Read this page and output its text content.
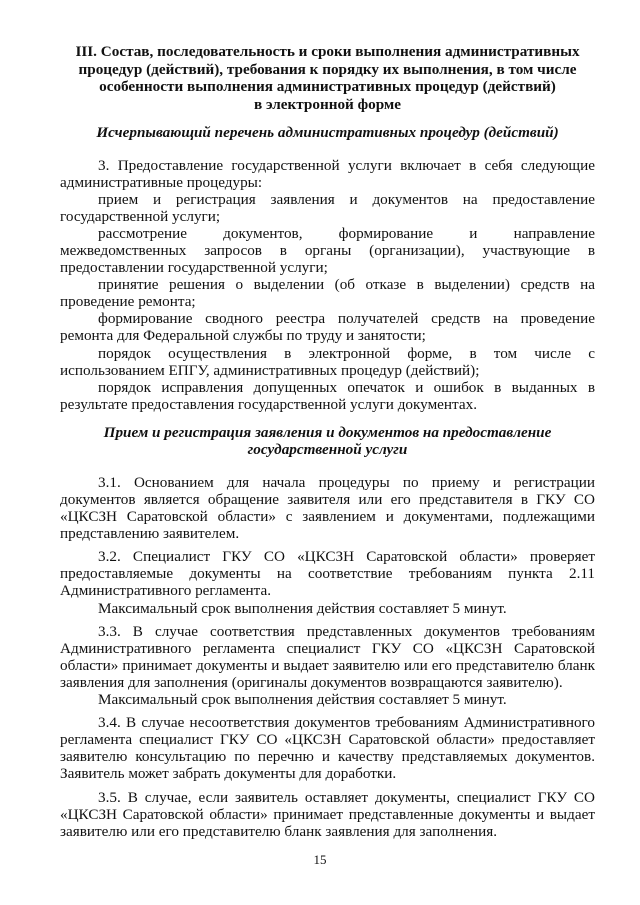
III. Состав, последовательность и сроки выполнения административных
процедур (действий), требования к порядку их выполнения, в том числе
особенности выполнения административных процедур (действий)
в электронной форме
Исчерпывающий перечень административных процедур (действий)

3. Предоставление государственной услуги включает в себя следующие административные процедуры:

прием и регистрация заявления и документов на предоставление государственной услуги;

рассмотрение документов, формирование и направление межведомственных запросов в органы (организации), участвующие в предоставлении государственной услуги;

принятие решения о выделении (об отказе в выделении) средств на проведение ремонта;

формирование сводного реестра получателей средств на проведение ремонта для Федеральной службы по труду и занятости;

порядок осуществления в электронной форме, в том числе с использованием ЕПГУ, административных процедур (действий);

порядок исправления допущенных опечаток и ошибок в выданных в результате предоставления государственной услуги документах.

Прием и регистрация заявления и документов на предоставление
государственной услуги

3.1. Основанием для начала процедуры по приему и регистрации документов является обращение заявителя или его представителя в ГКУ СО «ЦКСЗН Саратовской области» с заявлением и документами, подлежащими представлению заявителем.

3.2. Специалист ГКУ СО «ЦКСЗН Саратовской области» проверяет предоставляемые документы на соответствие требованиям пункта 2.11 Административного регламента.

Максимальный срок выполнения действия составляет 5 минут.

3.3. В случае соответствия представленных документов требованиям Административного регламента специалист ГКУ СО «ЦКСЗН Саратовской области» принимает документы и выдает заявителю или его представителю бланк заявления для заполнения (оригиналы документов возвращаются заявителю).

Максимальный срок выполнения действия составляет 5 минут.

3.4. В случае несоответствия документов требованиям Административного регламента специалист ГКУ СО «ЦКСЗН Саратовской области» предоставляет заявителю консультацию по перечню и качеству представляемых документов. Заявитель может забрать документы для доработки.

3.5. В случае, если заявитель оставляет документы, специалист ГКУ СО «ЦКСЗН Саратовской области» принимает представленные документы и выдает заявителю или его представителю бланк заявления для заполнения.

15
